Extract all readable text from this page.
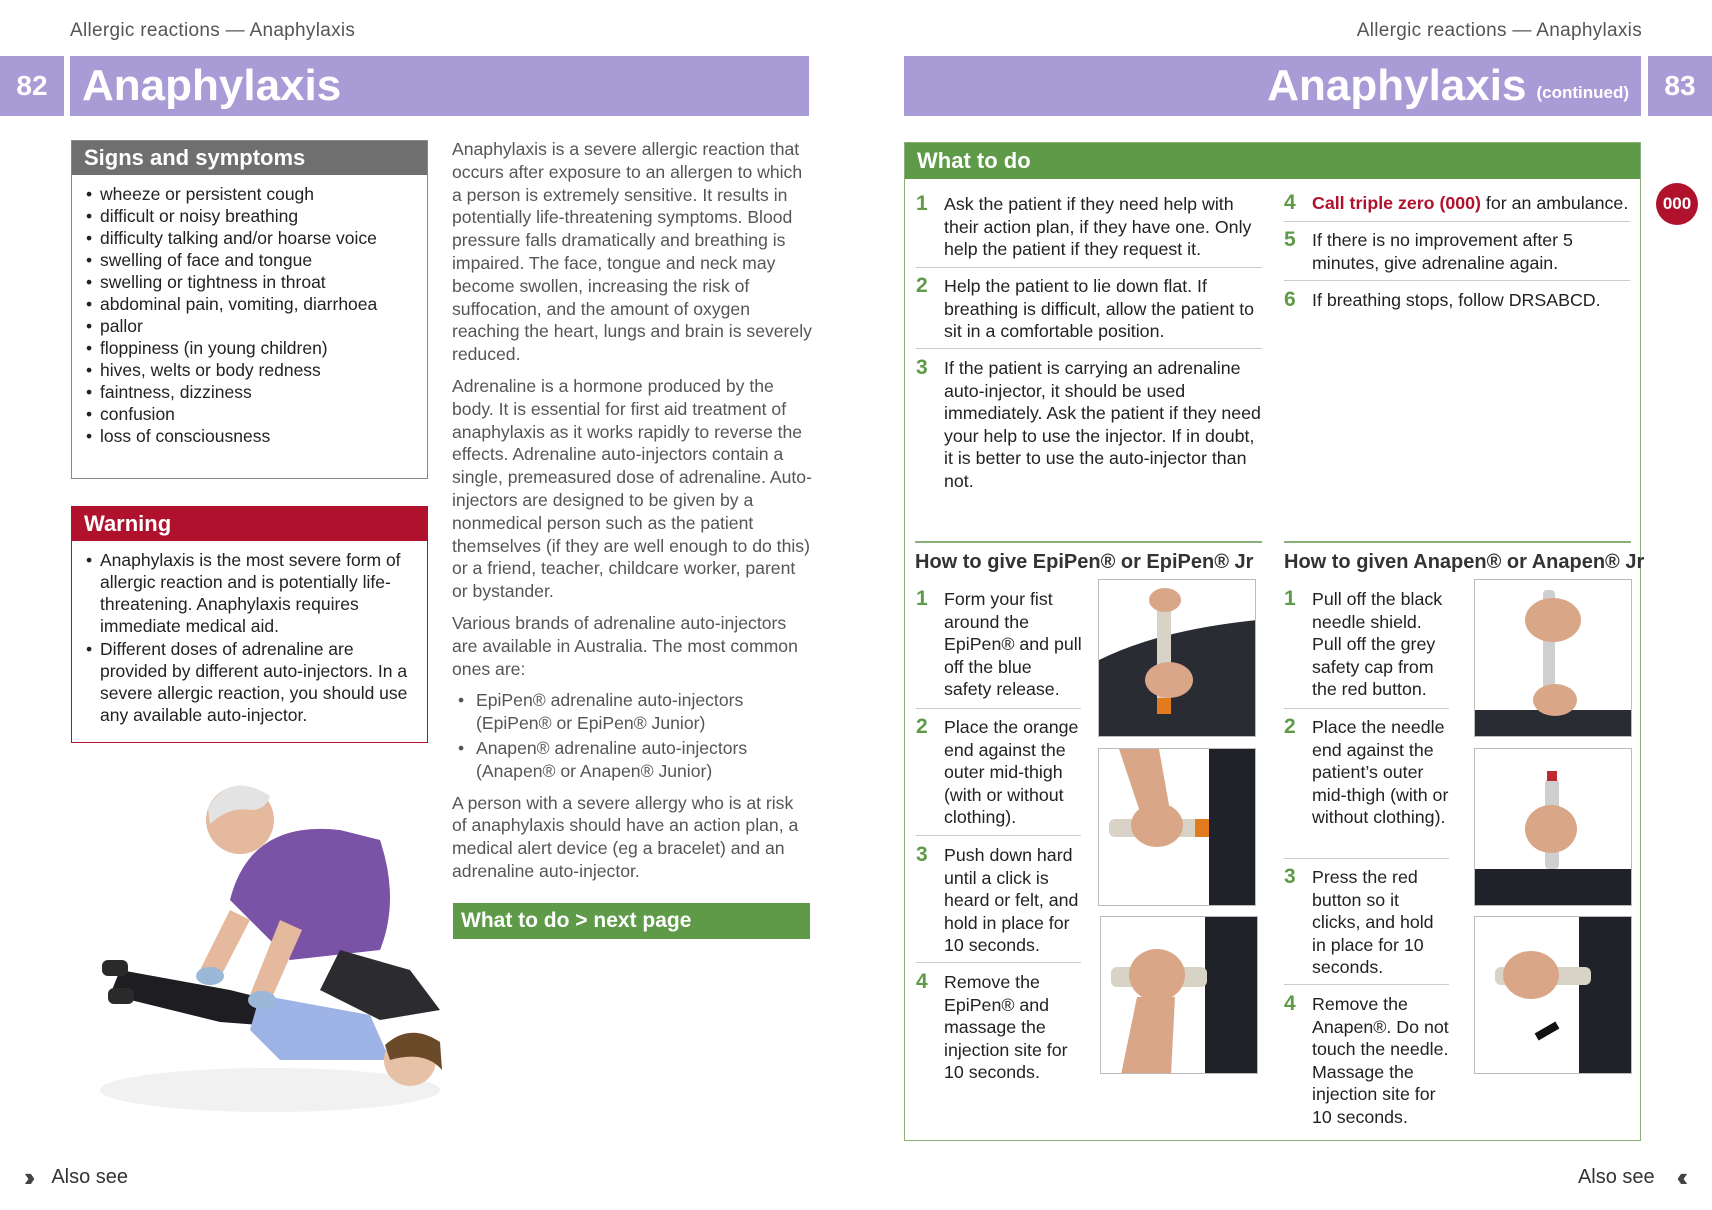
Allergic reactions — Anaphylaxis
82 Anaphylaxis
Signs and symptoms
• wheeze or persistent cough
• difficult or noisy breathing
• difficulty talking and/or hoarse voice
• swelling of face and tongue
• swelling or tightness in throat
• abdominal pain, vomiting, diarrhoea
• pallor
• floppiness (in young children)
• hives, welts or body redness
• faintness, dizziness
• confusion
• loss of consciousness
Warning
• Anaphylaxis is the most severe form of allergic reaction and is potentially life-threatening. Anaphylaxis requires immediate medical aid.
• Different doses of adrenaline are provided by different auto-injectors. In a severe allergic reaction, you should use any available auto-injector.

Anaphylaxis is a severe allergic reaction that occurs after exposure to an allergen to which a person is extremely sensitive. It results in potentially life-threatening symptoms. Blood pressure falls dramatically and breathing is impaired. The face, tongue and neck may become swollen, increasing the risk of suffocation, and the amount of oxygen reaching the heart, lungs and brain is severely reduced.

Adrenaline is a hormone produced by the body. It is essential for first aid treatment of anaphylaxis as it works rapidly to reverse the effects. Adrenaline auto-injectors contain a single, premeasured dose of adrenaline. Auto-injectors are designed to be given by a nonmedical person such as the patient themselves (if they are well enough to do this) or a friend, teacher, childcare worker, parent or bystander.

Various brands of adrenaline auto-injectors are available in Australia. The most common ones are:

• EpiPen® adrenaline auto-injectors (EpiPen® or EpiPen® Junior)
• Anapen® adrenaline auto-injectors (Anapen® or Anapen® Junior)

A person with a severe allergy who is at risk of anaphylaxis should have an action plan, a medical alert device (eg a bracelet) and an adrenaline auto-injector.

What to do > next page
›› Also see
Allergic reactions — Anaphylaxis
Anaphylaxis (continued)	83
000
What to do
1 Ask the patient if they need help with their action plan, if they have one. Only help the patient if they request it.
2 Help the patient to lie down flat. If breathing is difficult, allow the patient to sit in a comfortable position.
3 If the patient is carrying an adrenaline auto-injector, it should be used immediately. Ask the patient if they need your help to use the injector. If in doubt, it is better to use the auto-injector than not.
4 Call triple zero (000) for an ambulance.
5 If there is no improvement after 5 minutes, give adrenaline again.
6 If breathing stops, follow DRSABCD.
How to give EpiPen® or EpiPen® Jr
1 Form your fist around the EpiPen® and pull off the blue safety release.
2 Place the orange end against the outer mid-thigh (with or without clothing).
3 Push down hard until a click is heard or felt, and hold in place for 10 seconds.
4 Remove the EpiPen® and massage the injection site for 10 seconds.
How to given Anapen® or Anapen® Jr
1 Pull off the black needle shield. Pull off the grey safety cap from the red button.
2 Place the needle end against the patient’s outer mid-thigh (with or without clothing).
3 Press the red button so it clicks, and hold in place for 10 seconds.
4 Remove the Anapen®. Do not touch the needle. Massage the injection site for 10 seconds.
Also see ‹‹
